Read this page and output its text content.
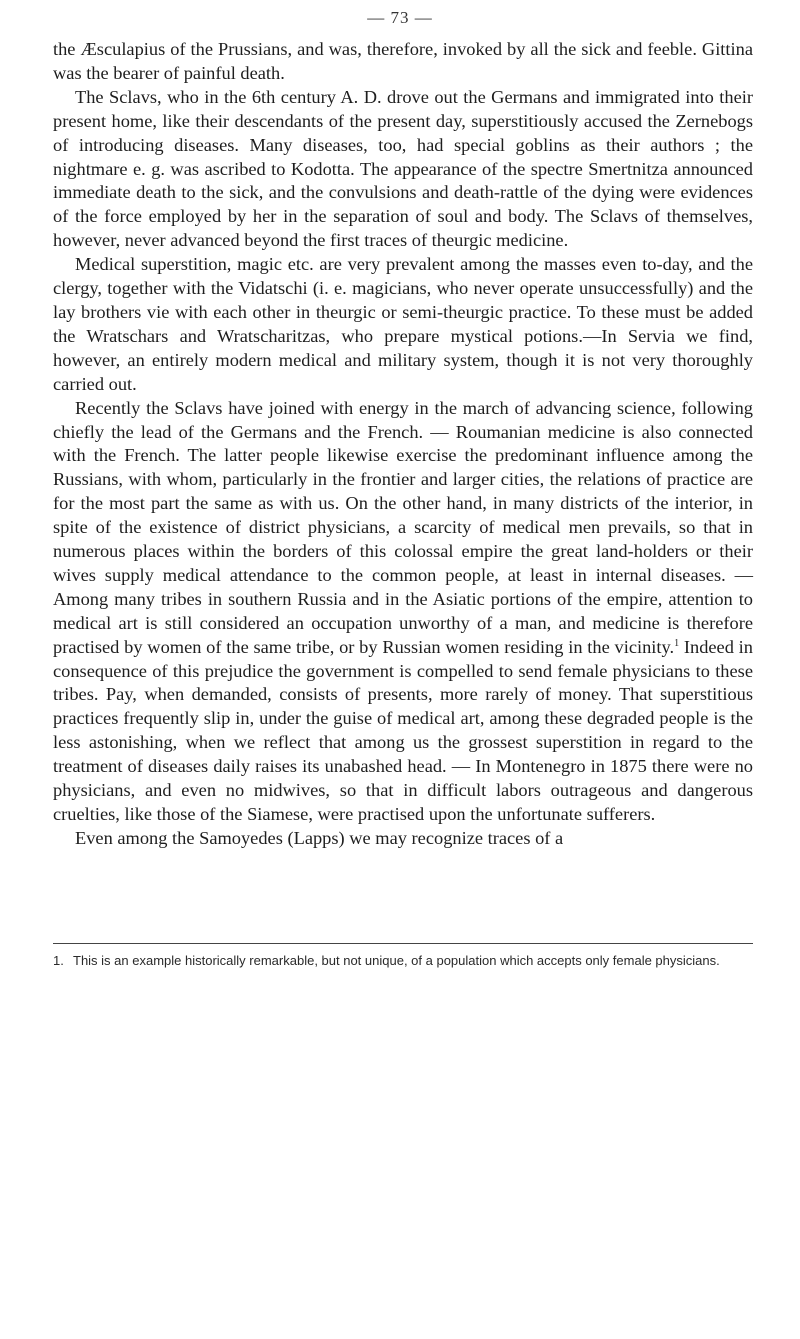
— 73 —

the Æsculapius of the Prussians, and was, therefore, invoked by all the sick and feeble. Gittina was the bearer of painful death.

The Sclavs, who in the 6th century A. D. drove out the Germans and immigrated into their present home, like their descendants of the present day, superstitiously accused the Zernebogs of introducing diseases. Many diseases, too, had special goblins as their authors ; the nightmare e. g. was ascribed to Kodotta. The appearance of the spectre Smertnitza announced immediate death to the sick, and the convulsions and death-rattle of the dying were evidences of the force employed by her in the separation of soul and body. The Sclavs of themselves, however, never advanced beyond the first traces of theurgic medicine.

Medical superstition, magic etc. are very prevalent among the masses even to-day, and the clergy, together with the Vidatschi (i. e. magicians, who never operate unsuccessfully) and the lay brothers vie with each other in theurgic or semi-theurgic practice. To these must be added the Wratschars and Wratscharitzas, who prepare mystical potions.—In Servia we find, however, an entirely modern medical and military system, though it is not very thoroughly carried out.

Recently the Sclavs have joined with energy in the march of advancing science, following chiefly the lead of the Germans and the French. — Roumanian medicine is also connected with the French. The latter people likewise exercise the predominant influence among the Russians, with whom, particularly in the frontier and larger cities, the relations of practice are for the most part the same as with us. On the other hand, in many districts of the interior, in spite of the existence of district physicians, a scarcity of medical men prevails, so that in numerous places within the borders of this colossal empire the great land-holders or their wives supply medical attendance to the common people, at least in internal diseases. — Among many tribes in southern Russia and in the Asiatic portions of the empire, attention to medical art is still considered an occupation unworthy of a man, and medicine is therefore practised by women of the same tribe, or by Russian women residing in the vicinity.$^1$ Indeed in consequence of this prejudice the government is compelled to send female physicians to these tribes. Pay, when demanded, consists of presents, more rarely of money. That superstitious practices frequently slip in, under the guise of medical art, among these degraded people is the less astonishing, when we reflect that among us the grossest superstition in regard to the treatment of diseases daily raises its unabashed head. — In Montenegro in 1875 there were no physicians, and even no midwives, so that in difficult labors outrageous and dangerous cruelties, like those of the Siamese, were practised upon the unfortunate sufferers.

Even among the Samoyedes (Lapps) we may recognize traces of a

1. This is an example historically remarkable, but not unique, of a population which accepts only female physicians.
